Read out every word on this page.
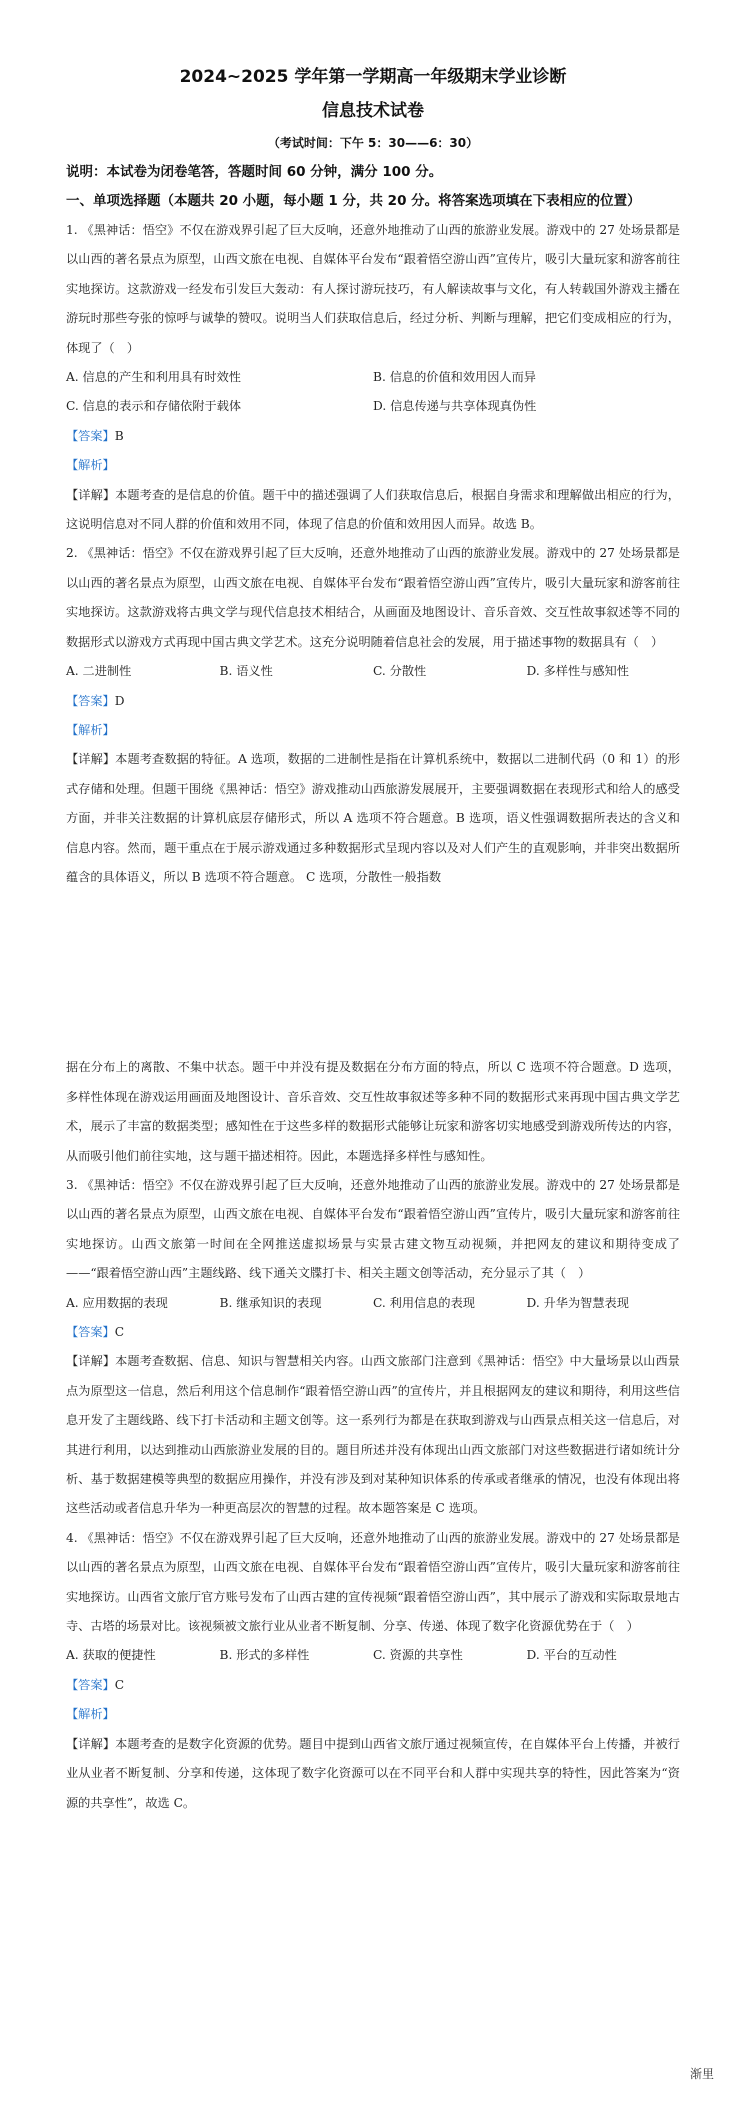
2024~2025 学年第一学期高一年级期末学业诊断
信息技术试卷
（考试时间：下午 5：30——6：30）
说明：本试卷为闭卷笔答，答题时间 60 分钟，满分 100 分。
一、单项选择题（本题共 20 小题，每小题 1 分，共 20 分。将答案选项填在下表相应的位置）

1. 《黑神话：悟空》不仅在游戏界引起了巨大反响，还意外地推动了山西的旅游业发展。游戏中的 27 处场景都是以山西的著名景点为原型，山西文旅在电视、自媒体平台发布“跟着悟空游山西”宣传片，吸引大量玩家和游客前往实地探访。这款游戏一经发布引发巨大轰动：有人探讨游玩技巧，有人解读故事与文化，有人转载国外游戏主播在游玩时那些夸张的惊呼与诚挚的赞叹。说明当人们获取信息后，经过分析、判断与理解，把它们变成相应的行为，体现了（　）

A. 信息的产生和利用具有时效性	B. 信息的价值和效用因人而异
C. 信息的表示和存储依附于载体	D. 信息传递与共享体现真伪性
【答案】B
【解析】

【详解】本题考查的是信息的价值。题干中的描述强调了人们获取信息后，根据自身需求和理解做出相应的行为，这说明信息对不同人群的价值和效用不同，体现了信息的价值和效用因人而异。故选 B。

2. 《黑神话：悟空》不仅在游戏界引起了巨大反响，还意外地推动了山西的旅游业发展。游戏中的 27 处场景都是以山西的著名景点为原型，山西文旅在电视、自媒体平台发布“跟着悟空游山西”宣传片，吸引大量玩家和游客前往实地探访。这款游戏将古典文学与现代信息技术相结合，从画面及地图设计、音乐音效、交互性故事叙述等不同的数据形式以游戏方式再现中国古典文学艺术。这充分说明随着信息社会的发展，用于描述事物的数据具有（　）

A. 二进制性	B. 语义性	C. 分散性	D. 多样性与感知性
【答案】D
【解析】

【详解】本题考查数据的特征。A 选项，数据的二进制性是指在计算机系统中，数据以二进制代码（0 和 1）的形式存储和处理。但题干围绕《黑神话：悟空》游戏推动山西旅游发展展开，主要强调数据在表现形式和给人的感受方面，并非关注数据的计算机底层存储形式，所以 A 选项不符合题意。B 选项，语义性强调数据所表达的含义和信息内容。然而，题干重点在于展示游戏通过多种数据形式呈现内容以及对人们产生的直观影响，并非突出数据所蕴含的具体语义，所以 B 选项不符合题意。 C 选项，分散性一般指数

据在分布上的离散、不集中状态。题干中并没有提及数据在分布方面的特点，所以 C 选项不符合题意。D 选项，多样性体现在游戏运用画面及地图设计、音乐音效、交互性故事叙述等多种不同的数据形式来再现中国古典文学艺术，展示了丰富的数据类型；感知性在于这些多样的数据形式能够让玩家和游客切实地感受到游戏所传达的内容，从而吸引他们前往实地，这与题干描述相符。因此，本题选择多样性与感知性。

3. 《黑神话：悟空》不仅在游戏界引起了巨大反响，还意外地推动了山西的旅游业发展。游戏中的 27 处场景都是以山西的著名景点为原型，山西文旅在电视、自媒体平台发布“跟着悟空游山西”宣传片，吸引大量玩家和游客前往实地探访。山西文旅第一时间在全网推送虚拟场景与实景古建文物互动视频，并把网友的建议和期待变成了——“跟着悟空游山西”主题线路、线下通关文牒打卡、相关主题文创等活动，充分显示了其（　）

A. 应用数据的表现	B. 继承知识的表现	C. 利用信息的表现	D. 升华为智慧表现
【答案】C

【详解】本题考查数据、信息、知识与智慧相关内容。山西文旅部门注意到《黑神话：悟空》中大量场景以山西景点为原型这一信息，然后利用这个信息制作“跟着悟空游山西”的宣传片，并且根据网友的建议和期待，利用这些信息开发了主题线路、线下打卡活动和主题文创等。这一系列行为都是在获取到游戏与山西景点相关这一信息后，对其进行利用，以达到推动山西旅游业发展的目的。题目所述并没有体现出山西文旅部门对这些数据进行诸如统计分析、基于数据建模等典型的数据应用操作，并没有涉及到对某种知识体系的传承或者继承的情况，也没有体现出将这些活动或者信息升华为一种更高层次的智慧的过程。故本题答案是 C 选项。

4. 《黑神话：悟空》不仅在游戏界引起了巨大反响，还意外地推动了山西的旅游业发展。游戏中的 27 处场景都是以山西的著名景点为原型，山西文旅在电视、自媒体平台发布“跟着悟空游山西”宣传片，吸引大量玩家和游客前往实地探访。山西省文旅厅官方账号发布了山西古建的宣传视频“跟着悟空游山西”，其中展示了游戏和实际取景地古寺、古塔的场景对比。该视频被文旅行业从业者不断复制、分享、传递、体现了数字化资源优势在于（　）

A. 获取的便捷性	B. 形式的多样性	C. 资源的共享性	D. 平台的互动性
【答案】C
【解析】

【详解】本题考查的是数字化资源的优势。题目中提到山西省文旅厅通过视频宣传，在自媒体平台上传播，并被行业从业者不断复制、分享和传递，这体现了数字化资源可以在不同平台和人群中实现共享的特性，因此答案为“资源的共享性”，故选 C。

渐里
